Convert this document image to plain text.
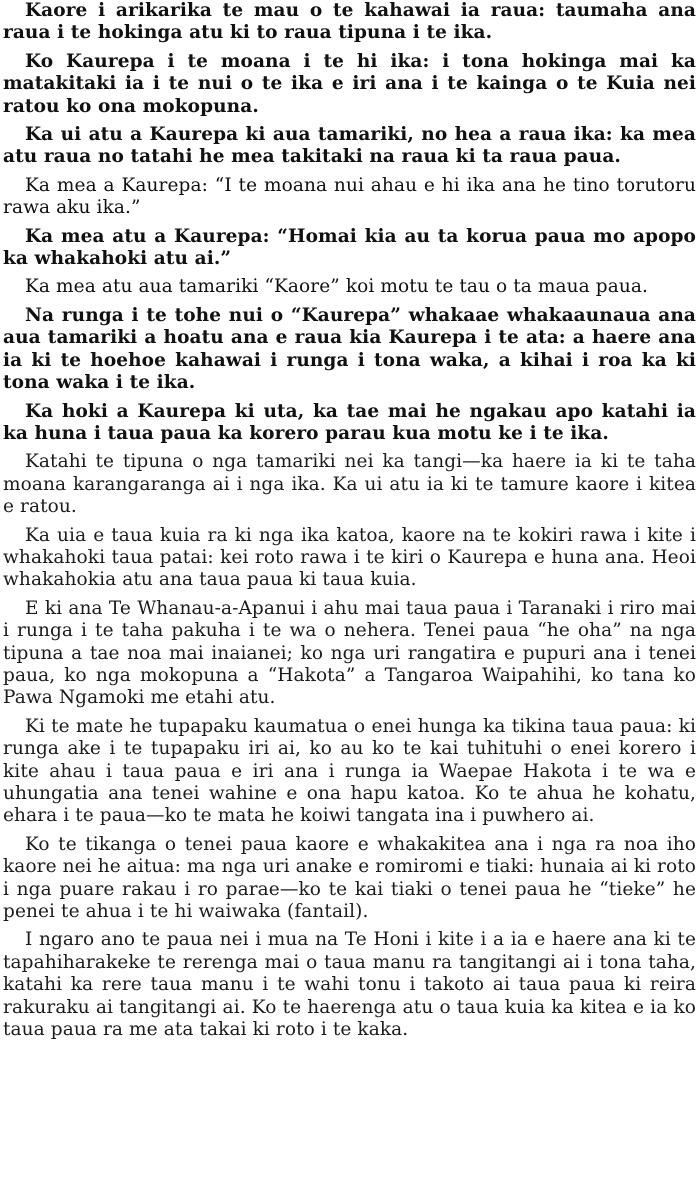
Kaore i arikarika te mau o te kahawai ia raua: taumaha ana raua i te hokinga atu ki to raua tipuna i te ika.

Ko Kaurepa i te moana i te hi ika: i tona hokinga mai ka matakitaki ia i te nui o te ika e iri ana i te kainga o te Kuia nei ratou ko ona mokopuna.

Ka ui atu a Kaurepa ki aua tamariki, no hea a raua ika: ka mea atu raua no tatahi he mea takitaki na raua ki ta raua paua.

Ka mea a Kaurepa: “I te moana nui ahau e hi ika ana he tino torutoru rawa aku ika.”

Ka mea atu a Kaurepa: “Homai kia au ta korua paua mo apopo ka whakahoki atu ai.”

Ka mea atu aua tamariki “Kaore” koi motu te tau o ta maua paua.

Na runga i te tohe nui o “Kaurepa” whakaae whakaaunaua ana aua tamariki a hoatu ana e raua kia Kaurepa i te ata: a haere ana ia ki te hoehoe kahawai i runga i tona waka, a kihai i roa ka ki tona waka i te ika.

Ka hoki a Kaurepa ki uta, ka tae mai he ngakau apo katahi ia ka huna i taua paua ka korero parau kua motu ke i te ika.

Katahi te tipuna o nga tamariki nei ka tangi—ka haere ia ki te taha moana karangaranga ai i nga ika. Ka ui atu ia ki te tamure kaore i kitea e ratou.

Ka uia e taua kuia ra ki nga ika katoa, kaore na te kokiri rawa i kite i whakahoki taua patai: kei roto rawa i te kiri o Kaurepa e huna ana. Heoi whakahokia atu ana taua paua ki taua kuia.

E ki ana Te Whanau-a-Apanui i ahu mai taua paua i Taranaki i riro mai i runga i te taha pakuha i te wa o nehera. Tenei paua “he oha” na nga tipuna a tae noa mai inaianei; ko nga uri rangatira e pupuri ana i tenei paua, ko nga mokopuna a “Hakota” a Tangaroa Waipahihi, ko tana ko Pawa Ngamoki me etahi atu.

Ki te mate he tupapaku kaumatua o enei hunga ka tikina taua paua: ki runga ake i te tupapaku iri ai, ko au ko te kai tuhituhi o enei korero i kite ahau i taua paua e iri ana i runga ia Waepae Hakota i te wa e uhungatia ana tenei wahine e ona hapu katoa. Ko te ahua he kohatu, ehara i te paua—ko te mata he koiwi tangata ina i puwhero ai.

Ko te tikanga o tenei paua kaore e whakakitea ana i nga ra noa iho kaore nei he aitua: ma nga uri anake e romiromi e tiaki: hunaia ai ki roto i nga puare rakau i ro parae—ko te kai tiaki o tenei paua he “tieke” he penei te ahua i te hi waiwaka (fantail).

I ngaro ano te paua nei i mua na Te Honi i kite i a ia e haere ana ki te tapahiharakeke te rerenga mai o taua manu ra tangitangi ai i tona taha, katahi ka rere taua manu i te wahi tonu i takoto ai taua paua ki reira rakuraku ai tangitangi ai. Ko te haerenga atu o taua kuia ka kitea e ia ko taua paua ra me ata takai ki roto i te kaka.
